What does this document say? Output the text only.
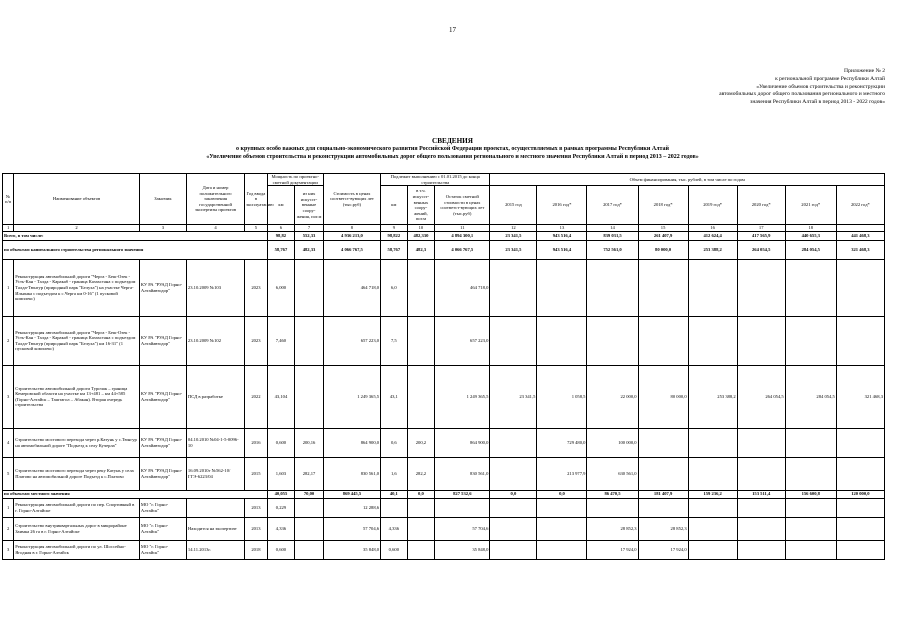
17
Приложение № 2
к региональной программе Республики Алтай
«Увеличение объемов строительства и реконструкции
автомобильных дорог общего пользования регионального и местного
значения Республики Алтай в период 2013 - 2022 годов»
СВЕДЕНИЯ
о крупных особо важных для социально-экономического развития Российской Федерации проектах, осуществляемых в рамках программы Республики Алтай
«Увеличение объемов строительства и реконструкции автомобильных дорог общего пользования регионального и местного значения Республики Алтай в период 2013 – 2022 годов»
№ п/п	Наименование объектов	Заказчик	Дата и номер положительного заключения государственной экспертизы проектов	Год ввода в эксплуатацию	Мощность по проектно-сметной документации		Стоимость в ценах соответст-вующих лет (тыс.руб)	Подлежит выполнению с 01.01.2015 до конца строительства			Объем финансирования, тыс. рублей, в том числе по годам							

					км	из них искусст-венные соору-жения, пог.м		км	в т.ч. искусст-венных соору-жений, пог.м	Остаток сметной стоимости в ценах соответст-вующих лет (тыс.руб)	2015 год	2016 год*	2017 год*	2018 год*	2019 год*	2020 год*	2021 год*	2022 год*
1	2	3	4	5	6	7	8	9	10	11	12	13	14	15	16	17	18	
Всего, в том числе:					98,82	552,33	4 936 213,0	98,822	482,330	4 894 300,1	23 341,5	943 516,4	839 031,5	261 407,9	412 624,4	417 565,9	440 655,3	441 468,3
по объектам капитального строительства регионального значения					58,767	482,33	4 066 767,5	58,767	482,3	4 066 767,5	23 341,5	943 516,4	752 561,0	80 000,0	253 388,2	264 054,5	284 054,5	321 468,3
1	Реконструкция автомобильной дороги "Черга - Беш-Озек - Усть-Кан - Талда - Каракаб - граница Казахстана с подъездом Талда-Тюнгур (природный парк "Белуха") на участке Черга-Ильинка с подъездом к с.Черга км 0-16" (1 пусковой комплекс)	КУ РА "РУАД Горно-Алтайавтодор"	23.10.2009 №103	2023	6,000		464 718,0	6,0		464 718,0								
2	Реконструкция автомобильной дороги "Черга - Беш-Озек - Усть-Кан - Талда - Каракаб - граница Казахстана с подъездом Талда-Тюнгур (природный парк "Белуха") км 16-31" (1 пусковой комплекс)	КУ РА "РУАД Горно-Алтайавтодор"	23.10.2009 №102	2023	7,460		657 223,0	7,5		657 223,0								
3	Строительство автомобильной дороги Турочак – граница Кемеровской области на участке км 13+481 – км 44+585 (Горно-Алтайск – Таштагол – Абакан). Вторая очередь строительства	КУ РА "РУАД Горно-Алтайавтодор"	ПСД в разработке	2022	43,104		1 249 365,5	43,1		1 249 365,5	23 341,5	1 058,5	22 000,0	80 000,0	253 388,2	264 054,5	284 054,5	321 468,3
4	Строительство мостового перехода через р.Катунь у с.Тюнгур на автомобильной дороге "Подъезд к селу Кучерла"	КУ РА "РУАД Горно-Алтайавтодор"	04.10.2010 №04-1-5-0096-10	2016	0,600	200,16	864 900,0	0,6	200,2	864 900,0		729 480,0	100 000,0					
5	Строительство мостового перехода через реку Катунь у села Платово на автомобильной дороге Подъезд к с.Платово	КУ РА "РУАД Горно-Алтайавтодор"	16.09.2010г №562-10/ГГЭ-6223/04	2015	1,603	282,17	830 561,0	1,6	282,2	830 561,0		213 977,9	630 561,0					
по объектам местного значения					40,055	70,00	869 445,5	40,1	0,0	827 532,6	0,0	0,0	86 470,5	181 407,9	159 236,2	153 511,4	156 600,8	120 000,0
1	Реконструкция автомобильной дороги по пер. Спортивный в г. Горно-Алтайске	МО "г. Горно-Алтайск"		2013	0,229		12 288,6											
2	Строительство внутриквартальных дорог в микрорайоне Заимка 26 га в г. Горно-Алтайске	МО "г. Горно-Алтайск"	Находится на экспертизе	2013	4,336		57 704,6	4,336		57 704,6			28 852,3	28 852,3				
3	Реконструкция автомобильной дороги по ул. Шоссейно-Ягодная в г. Горно-Алтайск	МО "г. Горно-Алтайск"	14.11.2013г.	2018	0,600		35 848,0	0,600		35 848,0			17 924,0	17 924,0				
